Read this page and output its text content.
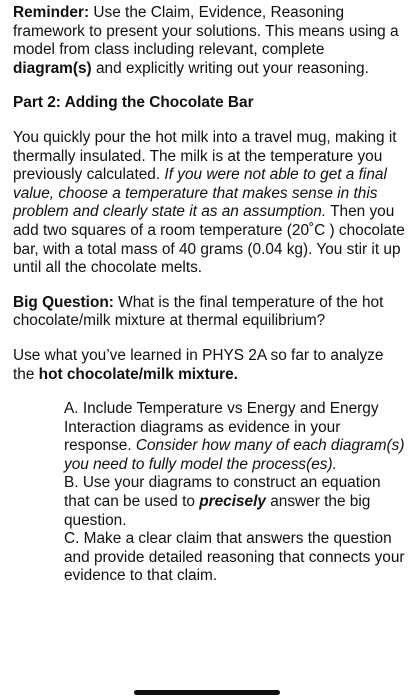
Reminder: Use the Claim, Evidence, Reasoning framework to present your solutions. This means using a model from class including relevant, complete diagram(s) and explicitly writing out your reasoning.

Part 2: Adding the Chocolate Bar

You quickly pour the hot milk into a travel mug, making it thermally insulated. The milk is at the temperature you previously calculated. If you were not able to get a final value, choose a temperature that makes sense in this problem and clearly state it as an assumption. Then you add two squares of a room temperature (20˚C ) chocolate bar, with a total mass of 40 grams (0.04 kg). You stir it up until all the chocolate melts.

Big Question: What is the final temperature of the hot chocolate/milk mixture at thermal equilibrium?

Use what you’ve learned in PHYS 2A so far to analyze the hot chocolate/milk mixture.

A. Include Temperature vs Energy and Energy Interaction diagrams as evidence in your response. Consider how many of each diagram(s) you need to fully model the process(es).

B. Use your diagrams to construct an equation that can be used to precisely answer the big question.

C. Make a clear claim that answers the question and provide detailed reasoning that connects your evidence to that claim.
